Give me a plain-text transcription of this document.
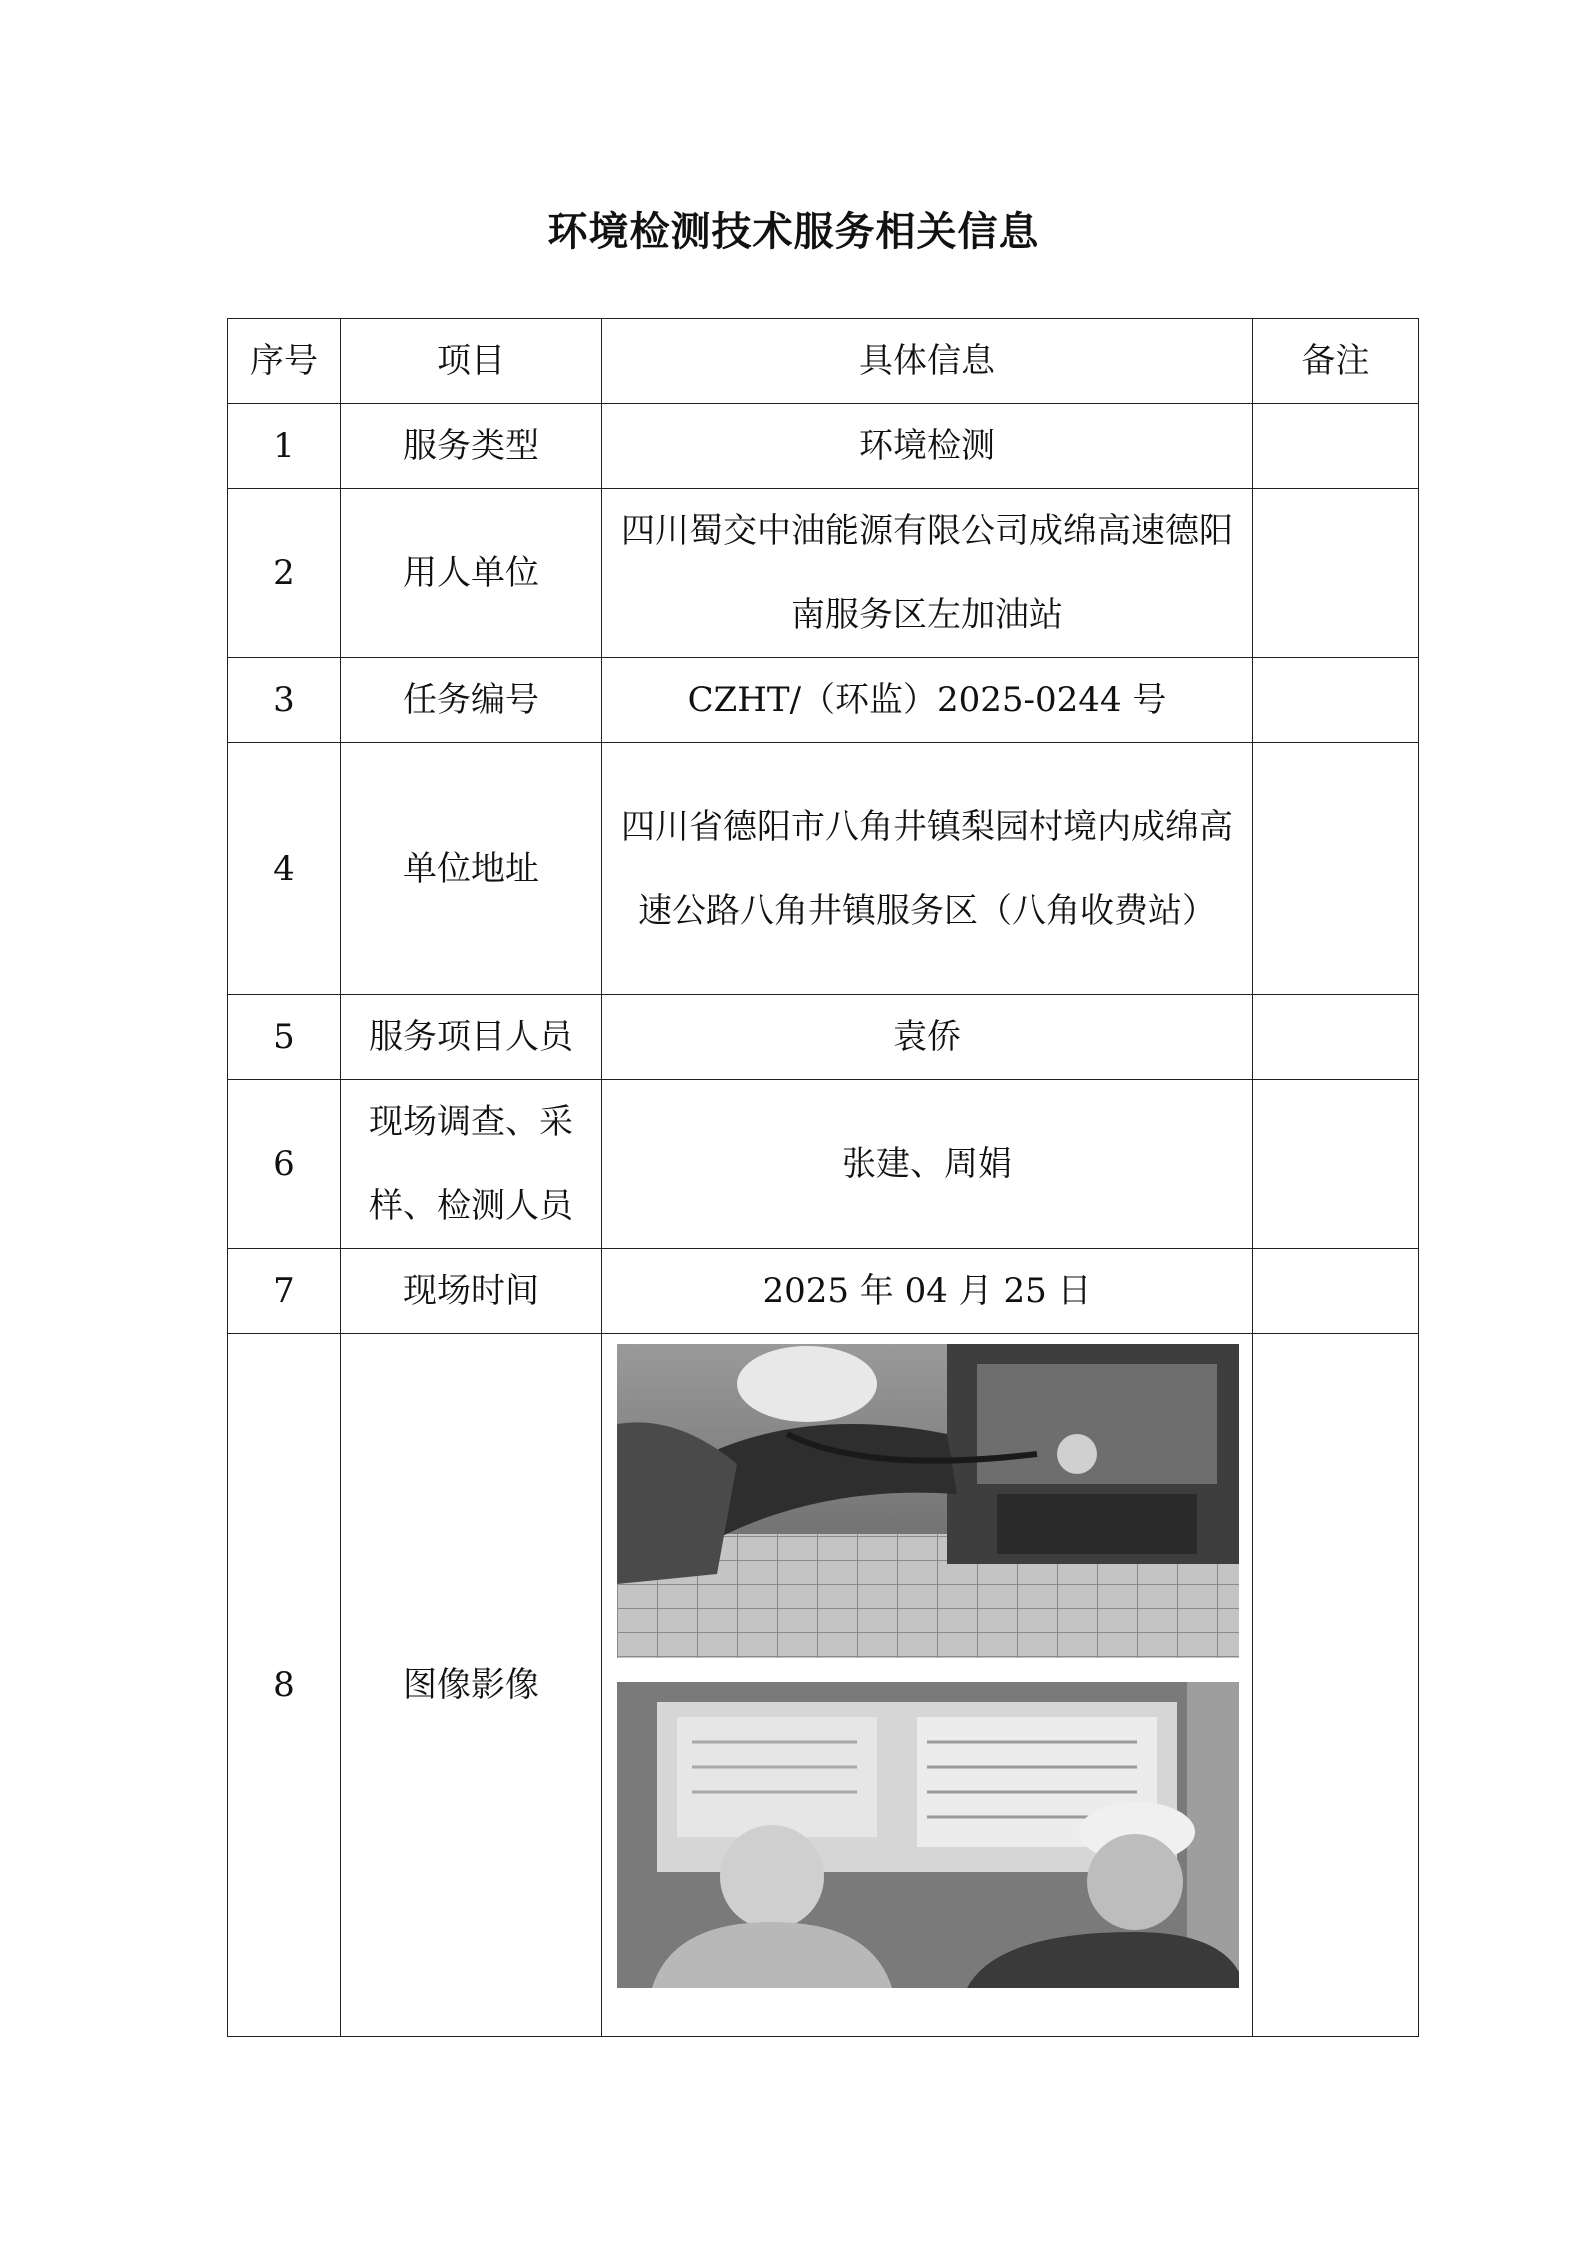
环境检测技术服务相关信息
序号	项目	具体信息	备注
1	服务类型	环境检测	
2	用人单位	四川蜀交中油能源有限公司成绵高速德阳南服务区左加油站	
3	任务编号	CZHT/（环监）2025-0244 号	
4	单位地址	四川省德阳市八角井镇梨园村境内成绵高速公路八角井镇服务区（八角收费站）	
5	服务项目人员	袁侨	
6	现场调查、采样、检测人员	张建、周娟	
7	现场时间	2025 年 04 月 25 日	
8	图像影像	
